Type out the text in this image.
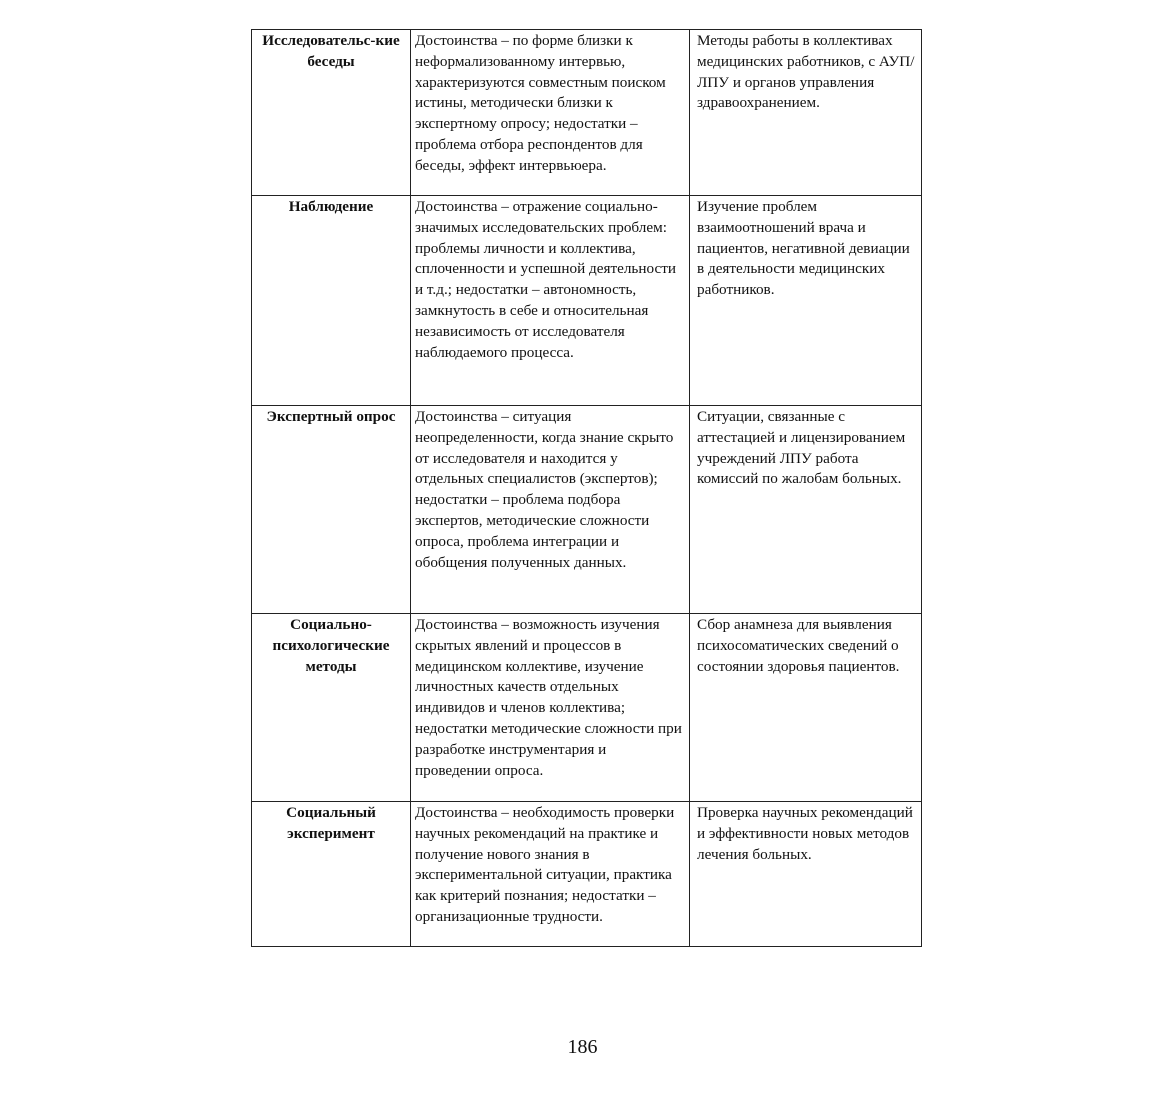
Исследовательс-кие беседы	Достоинства – по форме близки к неформализованному интервью, характеризуются совместным поиском истины, методически близки к экспертному опросу; недостатки – проблема отбора респондентов для беседы, эффект интервьюера.	Методы работы в коллективах медицинских работников, с АУП/ЛПУ и органов управления здравоохранением.
Наблюдение	Достоинства – отражение социально- значимых исследовательских проблем: проблемы личности и коллектива, сплоченности и успешной деятельности и т.д.; недостатки – автономность, замкнутость в себе и относительная независимость от исследователя наблюдаемого процесса.	Изучение проблем взаимоотношений врача и пациентов, негативной девиации в деятельности медицинских работников.
Экспертный опрос	Достоинства – ситуация неопределенности, когда знание скрыто от исследователя и находится у отдельных специалистов (экспертов); недостатки – проблема подбора экспертов, методические сложности опроса, проблема интеграции и обобщения полученных данных.	Ситуации, связанные с аттестацией и лицензированием учреждений ЛПУ работа комиссий по жалобам больных.
Социально-психологические методы	Достоинства – возможность изучения скрытых явлений и процессов в медицинском коллективе, изучение личностных качеств отдельных индивидов и членов коллектива; недостатки методические сложности при разработке инструментария и проведении опроса.	Сбор анамнеза для выявления психосоматических сведений о состоянии здоровья пациентов.
Социальный эксперимент	Достоинства – необходимость проверки научных рекомендаций на практике и получение нового знания в экспериментальной ситуации, практика как критерий познания; недостатки – организационные трудности.	Проверка научных рекомендаций и эффективности новых методов лечения больных.
186
